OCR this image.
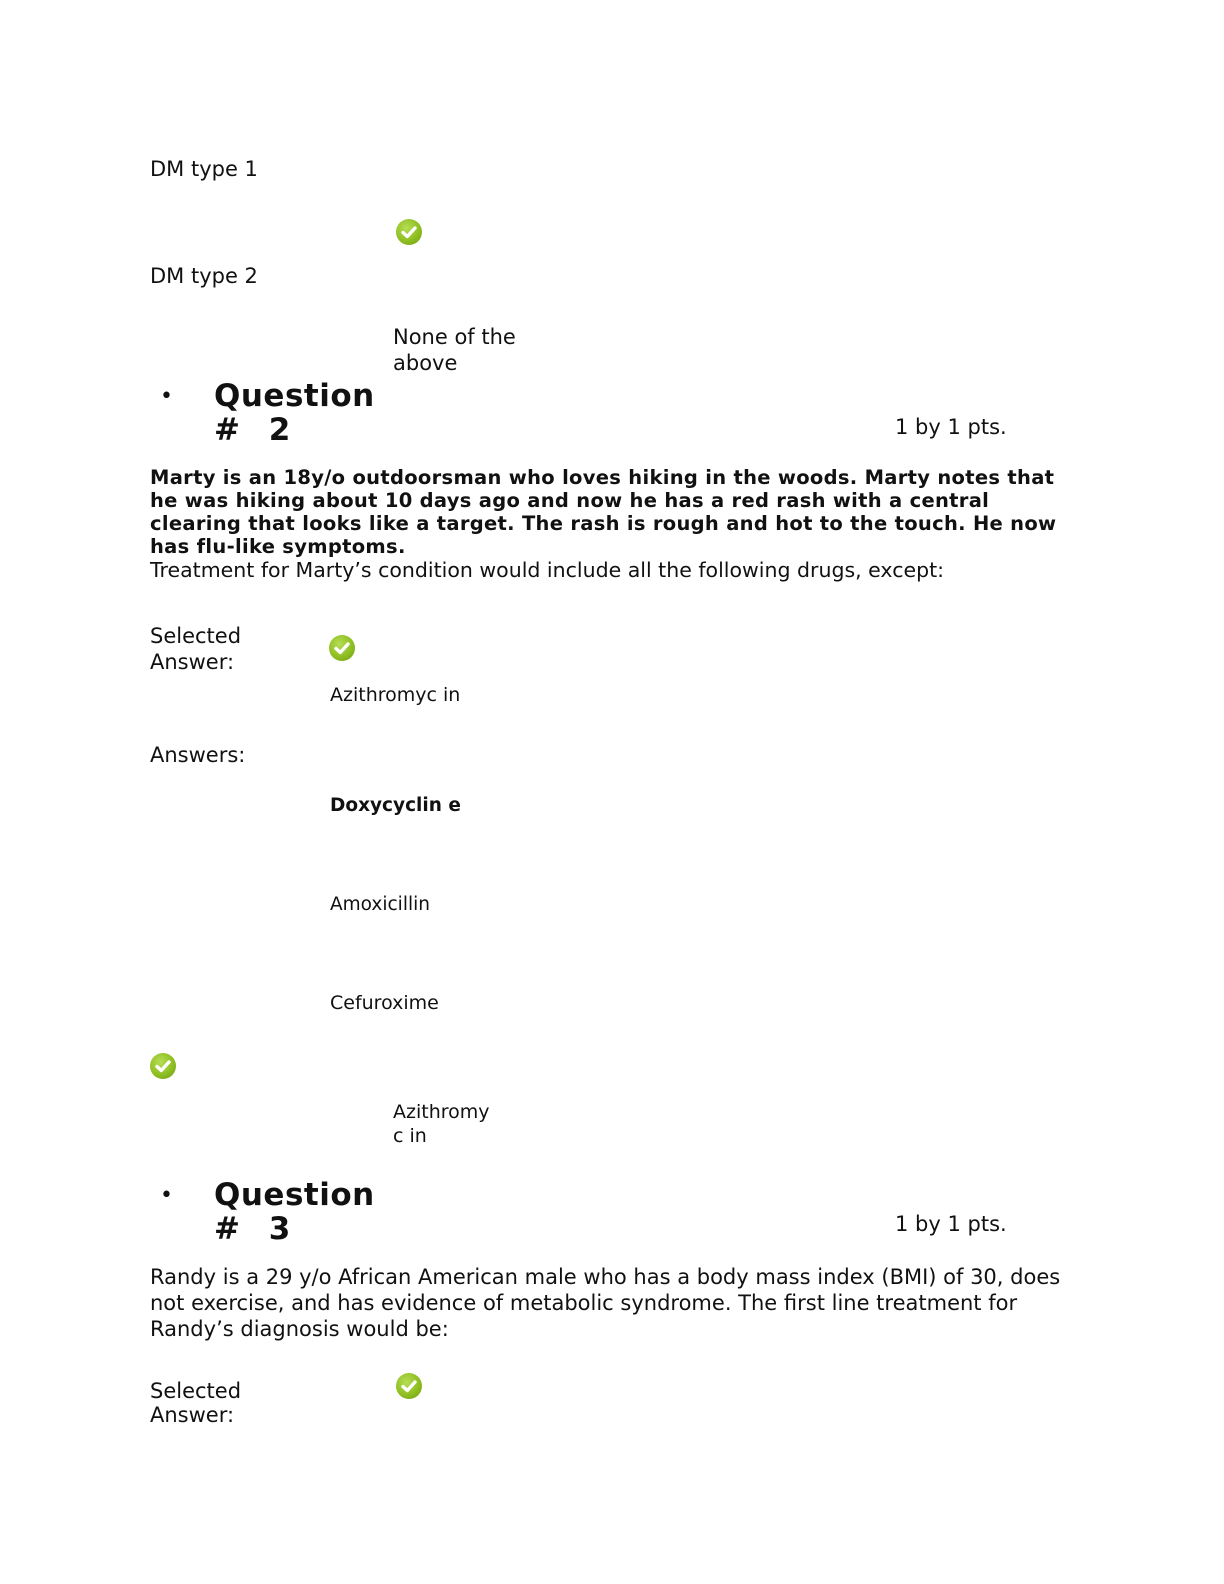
DM type 1
DM type 2
None of the
above
• Question
# 2	1 by 1 pts.
Marty is an 18y/o outdoorsman who loves hiking in the woods. Marty notes that
he was hiking about 10 days ago and now he has a red rash with a central
clearing that looks like a target. The rash is rough and hot to the touch. He now
has flu-like symptoms.
Treatment for Marty’s condition would include all the following drugs, except:
Selected
Answer:
Azithromyc in
Answers:
Doxycyclin e
Amoxicillin
Cefuroxime
Azithromy
c in
• Question
# 3	1 by 1 pts.
Randy is a 29 y/o African American male who has a body mass index (BMI) of 30, does
not exercise, and has evidence of metabolic syndrome. The first line treatment for
Randy’s diagnosis would be:
Selected
Answer:
